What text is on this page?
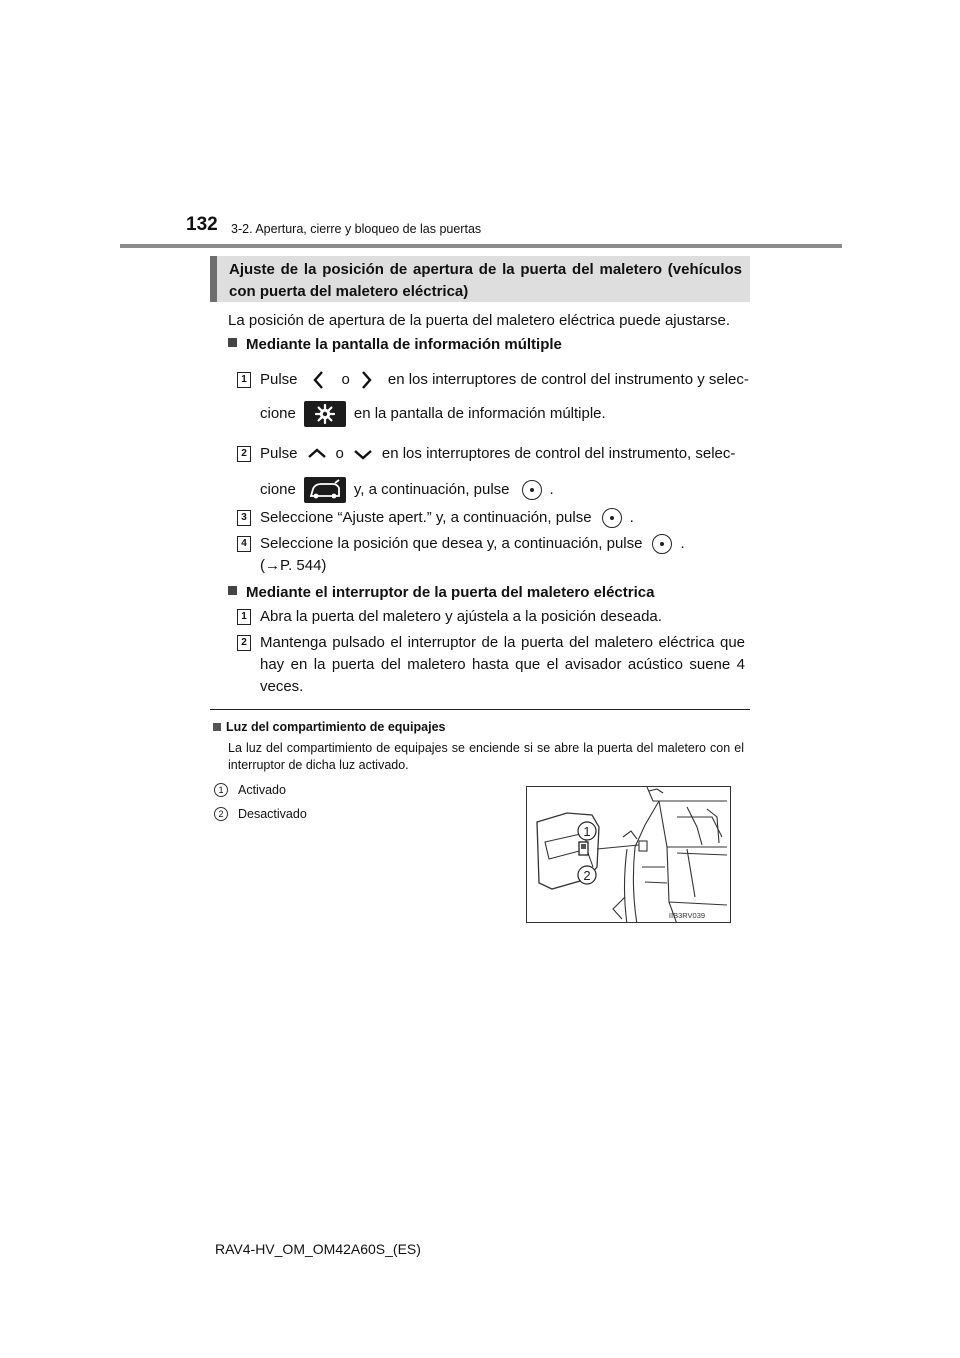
132 3-2. Apertura, cierre y bloqueo de las puertas
Ajuste de la posición de apertura de la puerta del maletero (vehículos con puerta del maletero eléctrica)
La posición de apertura de la puerta del maletero eléctrica puede ajustarse.
Mediante la pantalla de información múltiple
1 Pulse	o	en los interruptores de control del instrumento y selec-
cione	en la pantalla de información múltiple.
2 Pulse	o	en los interruptores de control del instrumento, selec-
cione	y, a continuación, pulse	.
3 Seleccione “Ajuste apert.” y, a continuación, pulse	.
4 Seleccione la posición que desea y, a continuación, pulse	.
(→P. 544)
Mediante el interruptor de la puerta del maletero eléctrica
1 Abra la puerta del maletero y ajústela a la posición deseada.
2 Mantenga pulsado el interruptor de la puerta del maletero eléctrica que hay en la puerta del maletero hasta que el avisador acústico suene 4 veces.
Luz del compartimiento de equipajes
La luz del compartimiento de equipajes se enciende si se abre la puerta del maletero con el interruptor de dicha luz activado.
1	Activado
2	Desactivado
1
2
IIB3RV039
RAV4-HV_OM_OM42A60S_(ES)
